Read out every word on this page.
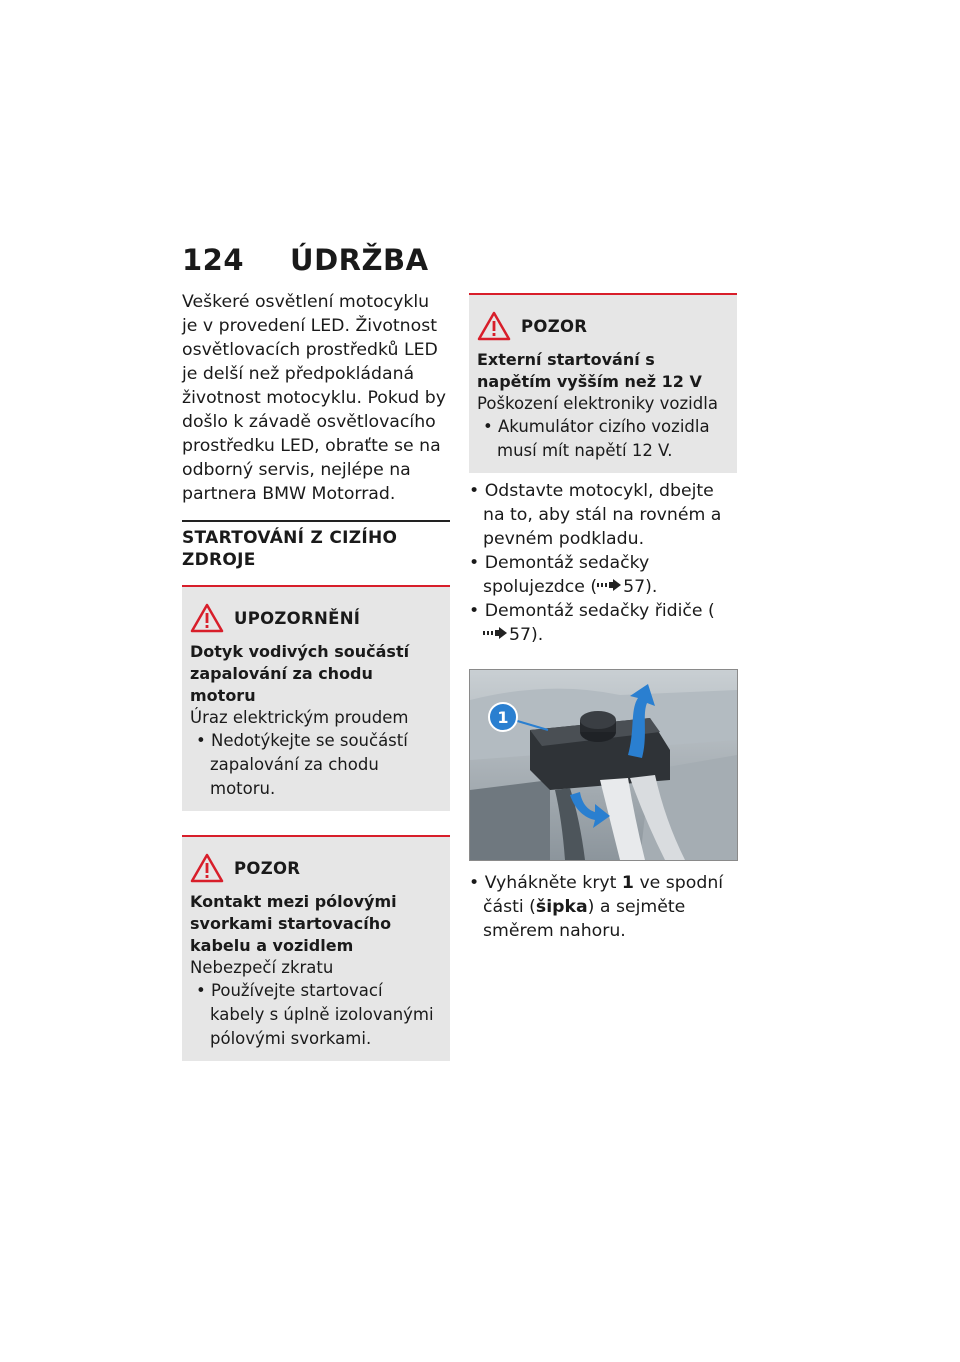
124 ÚDRŽBA

Veškeré osvětlení motocyklu je v provedení LED. Životnost osvětlovacích prostředků LED je delší než předpokládaná životnost motocyklu. Pokud by došlo k závadě osvětlovacího prostředku LED, obraťte se na odborný servis, nejlépe na partnera BMW Motorrad.

STARTOVÁNÍ Z CIZÍHO ZDROJE

UPOZORNĚNÍ

Dotyk vodivých součástí zapalování za chodu motoru

Úraz elektrickým proudem

• Nedotýkejte se součástí zapalování za chodu motoru.

POZOR

Kontakt mezi pólovými svorkami startovacího kabelu a vozidlem

Nebezpečí zkratu

• Používejte startovací kabely s úplně izolovanými pólovými svorkami.

POZOR

Externí startování s napětím vyšším než 12 V

Poškození elektroniky vozidla

• Akumulátor cizího vozidla musí mít napětí 12 V.

• Odstavte motocykl, dbejte na to, aby stál na rovném a pevném podkladu.

• Demontáž sedačky spolujezdce ( 57).

• Demontáž sedačky řidiče (57).

1

• Vyhákněte kryt 1 ve spodní části (šipka) a sejměte směrem nahoru.
